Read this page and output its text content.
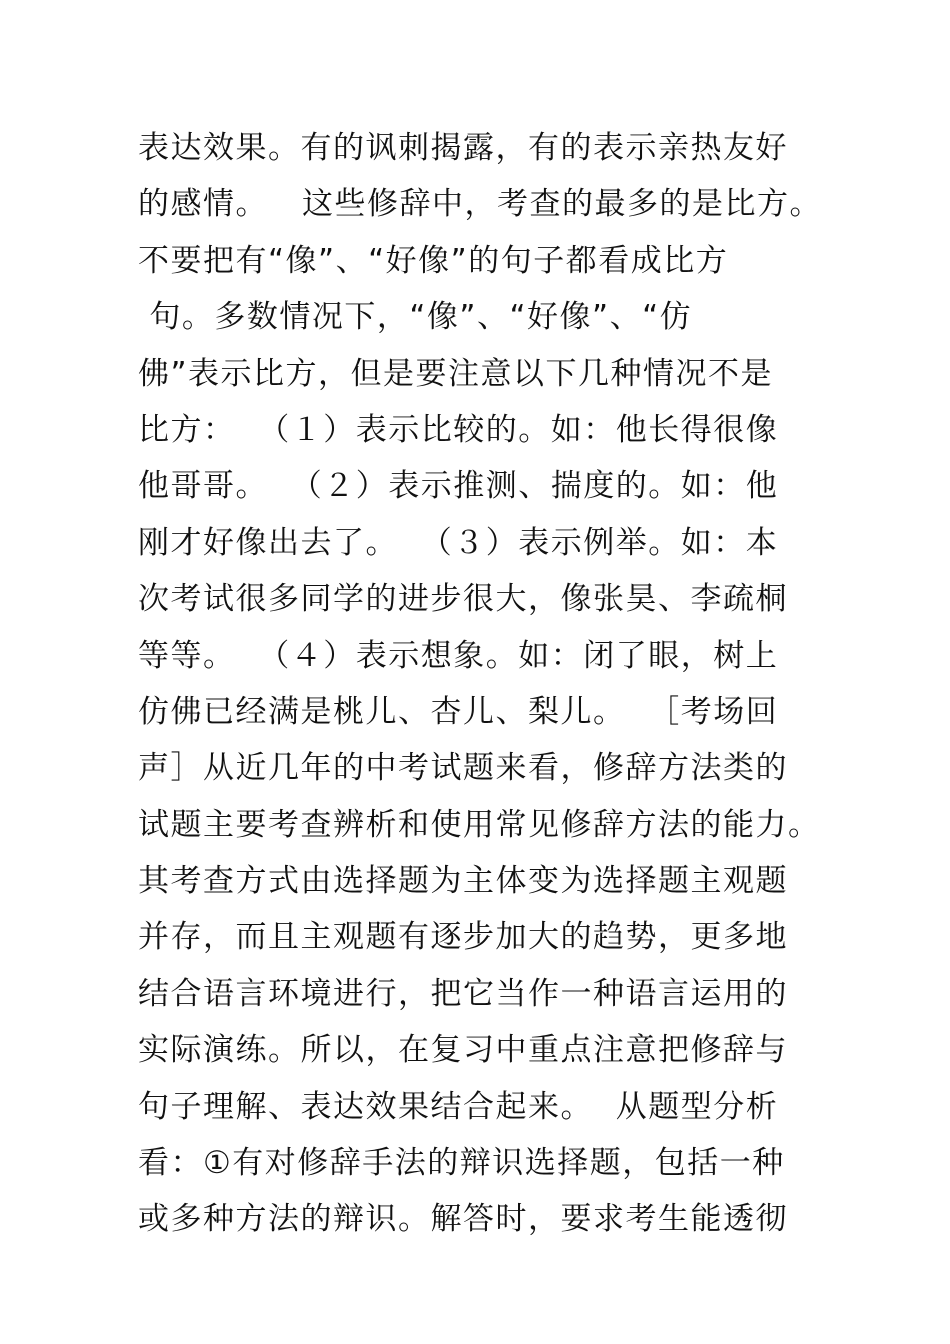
表达效果。有的讽刺揭露，有的表示亲热友好
的感情。   这些修辞中，考查的最多的是比方。
不要把有“像”、“好像”的句子都看成比方
句。多数情况下，“像”、“好像”、“仿
佛”表示比方，但是要注意以下几种情况不是
比方：  （１）表示比较的。如：他长得很像
他哥哥。  （２）表示推测、揣度的。如：他
刚才好像出去了。  （３）表示例举。如：本
次考试很多同学的进步很大，像张昊、李疏桐
等等。  （４）表示想象。如：闭了眼，树上
仿佛已经满是桃儿、杏儿、梨儿。  ［考场回
声］从近几年的中考试题来看，修辞方法类的
试题主要考查辨析和使用常见修辞方法的能力。
其考查方式由选择题为主体变为选择题主观题
并存，而且主观题有逐步加大的趋势，更多地
结合语言环境进行，把它当作一种语言运用的
实际演练。所以，在复习中重点注意把修辞与
句子理解、表达效果结合起来。  从题型分析
看：①有对修辞手法的辩识选择题，包括一种
或多种方法的辩识。解答时，要求考生能透彻
